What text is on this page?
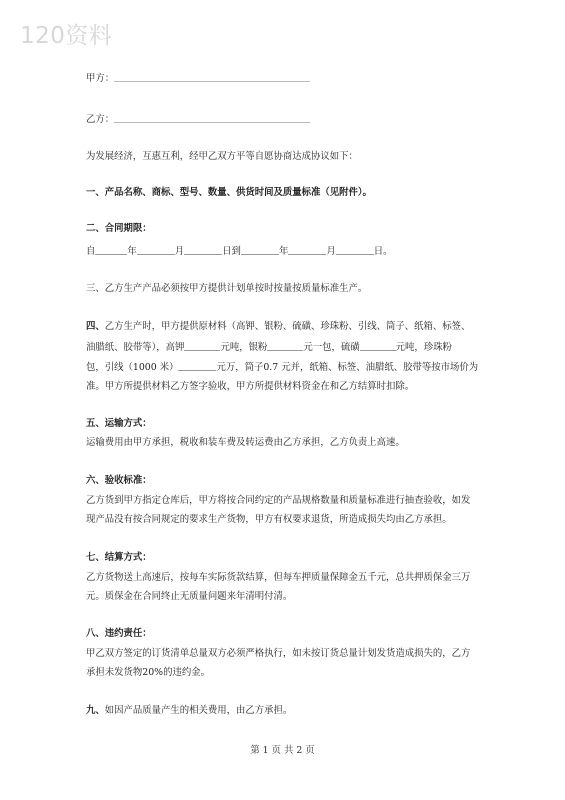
120资料
甲方：
乙方：
为发展经济，互惠互利，经甲乙双方平等自愿协商达成协议如下：
一、产品名称、商标、型号、数量、供货时间及质量标准（见附件）。
二、合同期限：
自	年	月	日到	年	月	日。
三、乙方生产产品必须按甲方提供计划单按时按量按质量标准生产。
四、乙方生产时，甲方提供原材料（高钾、银粉、硫磺、珍珠粉、引线、筒子、纸箱、标签、
油腊纸、胶带等），高钾	元吨，银粉	元一包，硫磺	元吨，珍珠粉
包，引线（1000 米）	元万，筒子0.7 元并，纸箱、标签、油腊纸、胶带等按市场价为
准。甲方所提供材料乙方签字验收，甲方所提供材料资金在和乙方结算时扣除。
五、运输方式：
运输费用由甲方承担，税收和装车费及转运费由乙方承担，乙方负责上高速。
六、验收标准：
乙方货到甲方指定仓库后，甲方将按合同约定的产品规格数量和质量标准进行抽查验收，如发
现产品没有按合同规定的要求生产货物，甲方有权要求退货，所造成损失均由乙方承担。
七、结算方式：
乙方货物送上高速后，按每车实际货款结算，但每车押质量保障金五千元，总共押质保金三万
元。质保金在合同终止无质量问题来年清明付清。
八、违约责任：
甲乙双方签定的订货清单总量双方必须严格执行，如未按订货总量计划发货造成损失的，乙方
承担未发货物20%的违约金。
九、如因产品质量产生的相关费用，由乙方承担。
第 1 页 共 2 页
